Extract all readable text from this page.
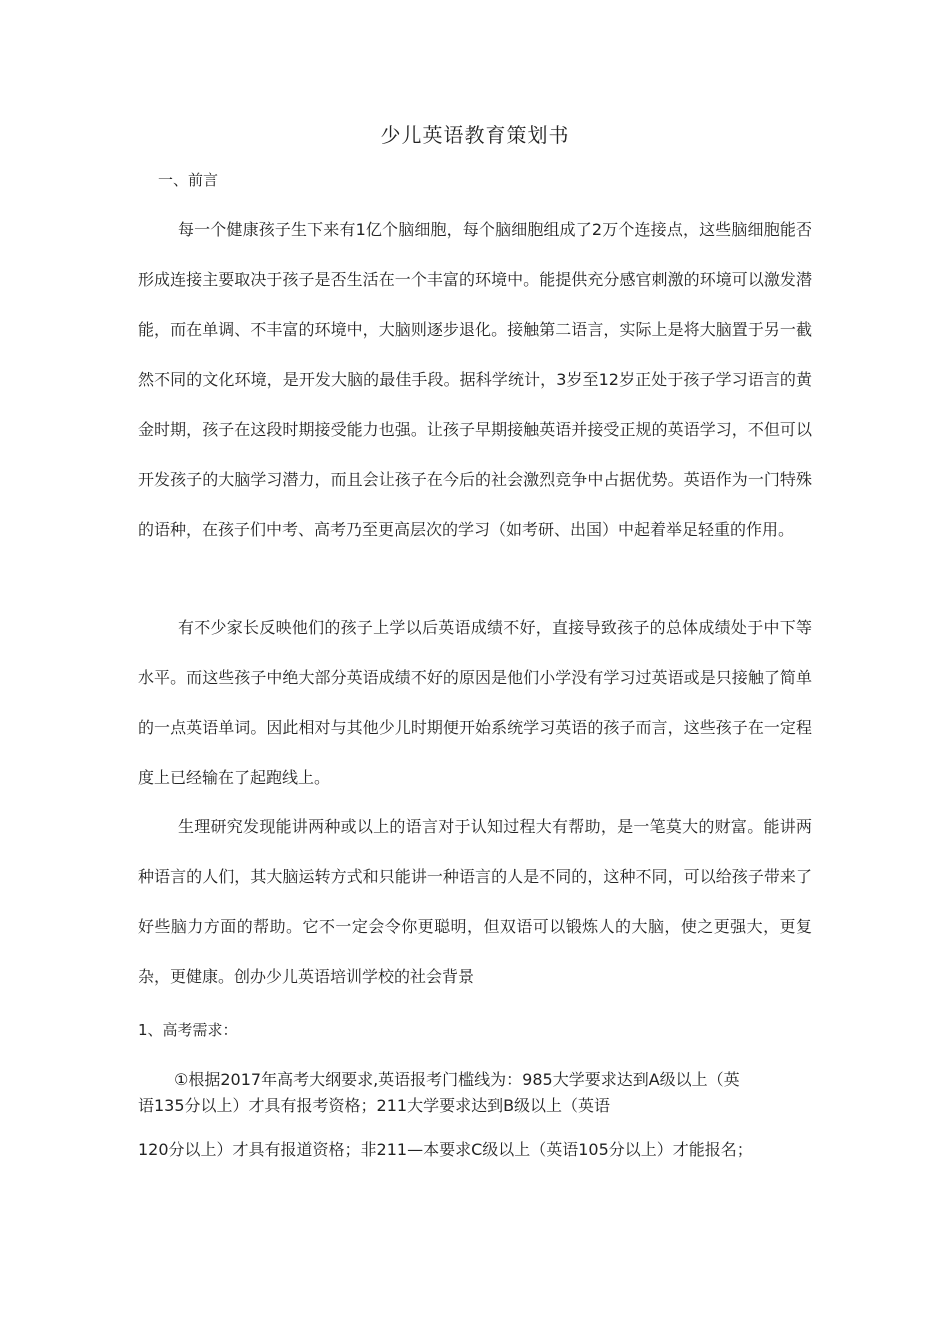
少儿英语教育策划书

一、前言

每一个健康孩子生下来有1亿个脑细胞，每个脑细胞组成了2万个连接点，这些脑细胞能否形成连接主要取决于孩子是否生活在一个丰富的环境中。能提供充分感官刺激的环境可以激发潜能，而在单调、不丰富的环境中，大脑则逐步退化。接触第二语言，实际上是将大脑置于另一截然不同的文化环境，是开发大脑的最佳手段。据科学统计，3岁至12岁正处于孩子学习语言的黄金时期，孩子在这段时期接受能力也强。让孩子早期接触英语并接受正规的英语学习，不但可以开发孩子的大脑学习潜力，而且会让孩子在今后的社会激烈竞争中占据优势。英语作为一门特殊的语种，在孩子们中考、高考乃至更高层次的学习（如考研、出国）中起着举足轻重的作用。

有不少家长反映他们的孩子上学以后英语成绩不好，直接导致孩子的总体成绩处于中下等水平。而这些孩子中绝大部分英语成绩不好的原因是他们小学没有学习过英语或是只接触了简单的一点英语单词。因此相对与其他少儿时期便开始系统学习英语的孩子而言，这些孩子在一定程度上已经输在了起跑线上。

生理研究发现能讲两种或以上的语言对于认知过程大有帮助，是一笔莫大的财富。能讲两种语言的人们，其大脑运转方式和只能讲一种语言的人是不同的，这种不同，可以给孩子带来了好些脑力方面的帮助。它不一定会令你更聪明，但双语可以锻炼人的大脑，使之更强大，更复杂，更健康。创办少儿英语培训学校的社会背景

1、高考需求：

①根据2017年高考大纲要求,英语报考门槛线为：985大学要求达到A级以上（英

语135分以上）才具有报考资格；211大学要求达到B级以上（英语

120分以上）才具有报道资格；非211—本要求C级以上（英语105分以上）才能报名；
